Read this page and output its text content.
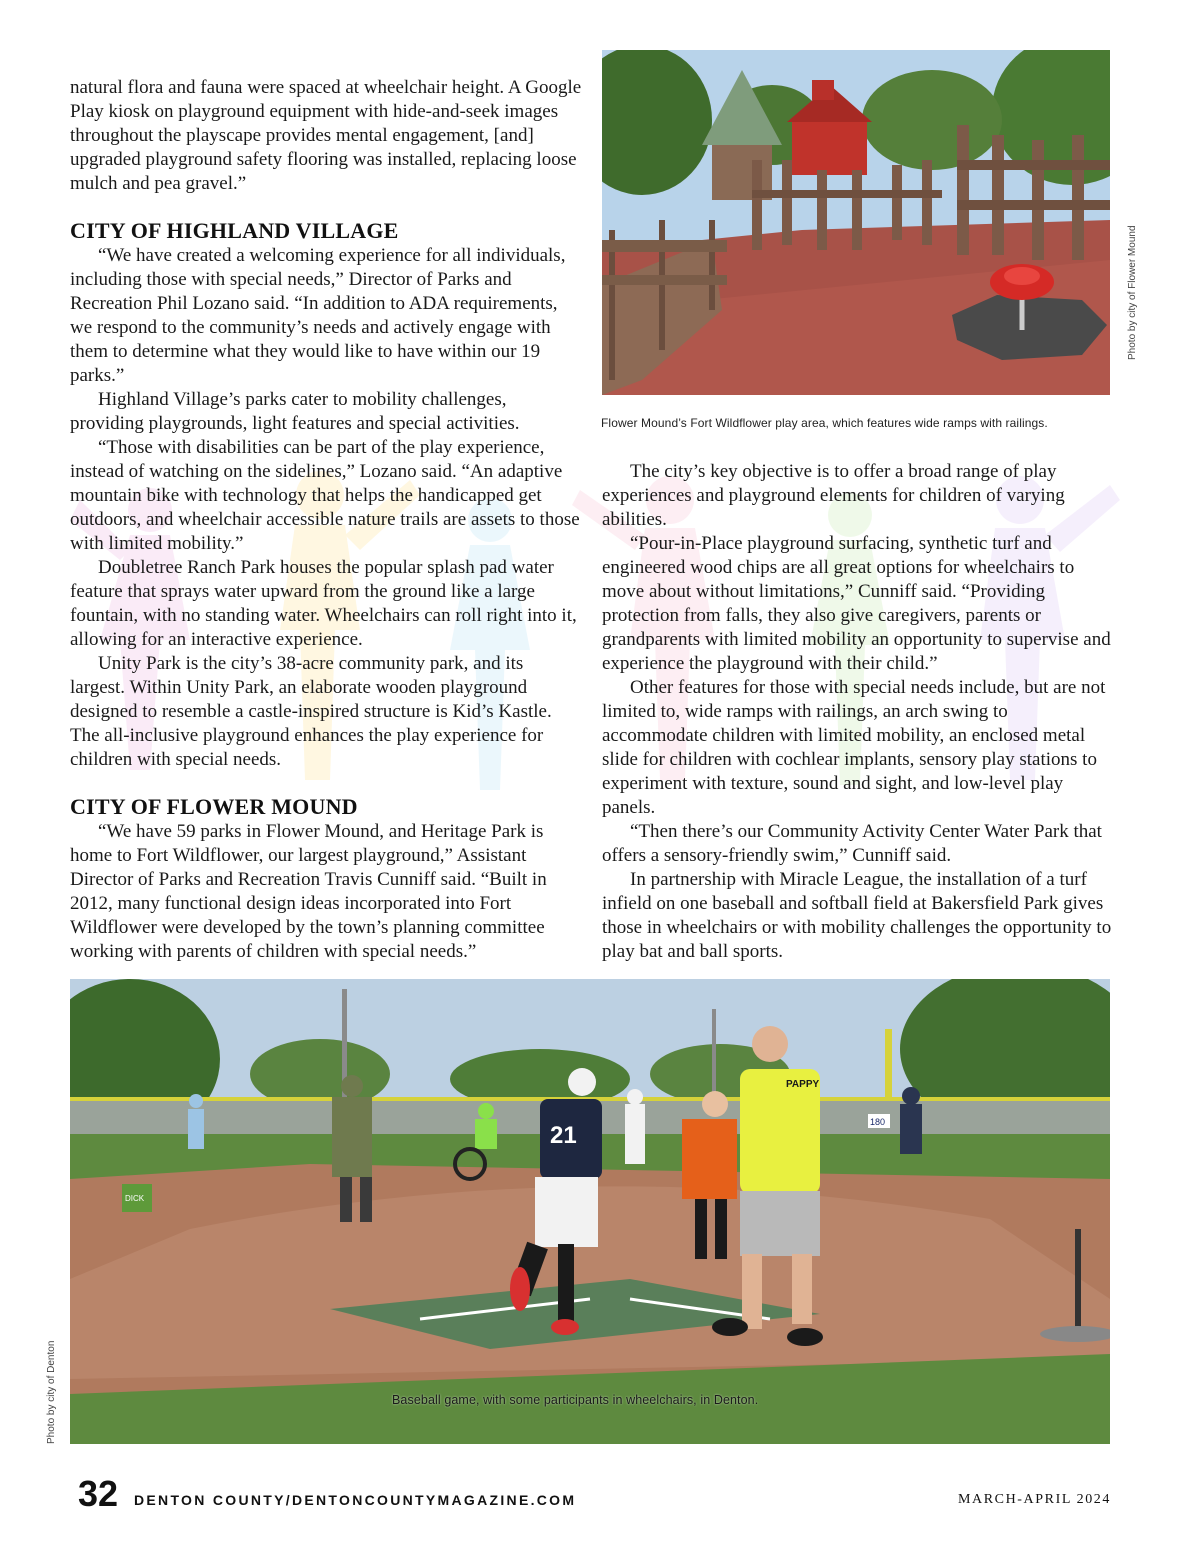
natural flora and fauna were spaced at wheelchair height. A Google Play kiosk on playground equipment with hide-and-seek images throughout the playscape provides mental engagement, [and] upgraded playground safety flooring was installed, replacing loose mulch and pea gravel.”

CITY OF HIGHLAND VILLAGE

“We have created a welcoming experience for all individuals, including those with special needs,” Director of Parks and Recreation Phil Lozano said. “In addition to ADA requirements, we respond to the community’s needs and actively engage with them to determine what they would like to have within our 19 parks.”

Highland Village’s parks cater to mobility challenges, providing playgrounds, light features and special activities.

“Those with disabilities can be part of the play experience, instead of watching on the sidelines,” Lozano said. “An adaptive mountain bike with technology that helps the handicapped get outdoors, and wheelchair accessible nature trails are assets to those with limited mobility.”

Doubletree Ranch Park houses the popular splash pad water feature that sprays water upward from the ground like a large fountain, with no standing water. Wheelchairs can roll right into it, allowing for an interactive experience.

Unity Park is the city’s 38-acre community park, and its largest. Within Unity Park, an elaborate wooden playground designed to resemble a castle-inspired structure is Kid’s Kastle. The all-inclusive playground enhances the play experience for children with special needs.

CITY OF FLOWER MOUND

“We have 59 parks in Flower Mound, and Heritage Park is home to Fort Wildflower, our largest playground,” Assistant Director of Parks and Recreation Travis Cunniff said. “Built in 2012, many functional design ideas incorporated into Fort Wildflower were developed by the town’s planning committee working with parents of children with special needs.”

Flower Mound’s Fort Wildflower play area, which features wide ramps with railings.
Photo by city of Flower Mound

The city’s key objective is to offer a broad range of play experiences and playground elements for children of varying abilities.

“Pour-in-Place playground surfacing, synthetic turf and engineered wood chips are all great options for wheelchairs to move about without limitations,” Cunniff said. “Providing protection from falls, they also give caregivers, parents or grandparents with limited mobility an opportunity to supervise and experience the playground with their child.”

Other features for those with special needs include, but are not limited to, wide ramps with railings, an arch swing to accommodate children with limited mobility, an enclosed metal slide for children with cochlear implants, sensory play stations to experiment with texture, sound and sight, and low-level play panels.

“Then there’s our Community Activity Center Water Park that offers a sensory-friendly swim,” Cunniff said.

In partnership with Miracle League, the installation of a turf infield on one baseball and softball field at Bakersfield Park gives those in wheelchairs or with mobility challenges the opportunity to play bat and ball sports.

DICK
180
21
PAPPY
Baseball game, with some participants in wheelchairs, in Denton.
Photo by city of Denton
32 DENTON COUNTY/DENTONCOUNTYMAGAZINE.COM	MARCH-APRIL 2024
